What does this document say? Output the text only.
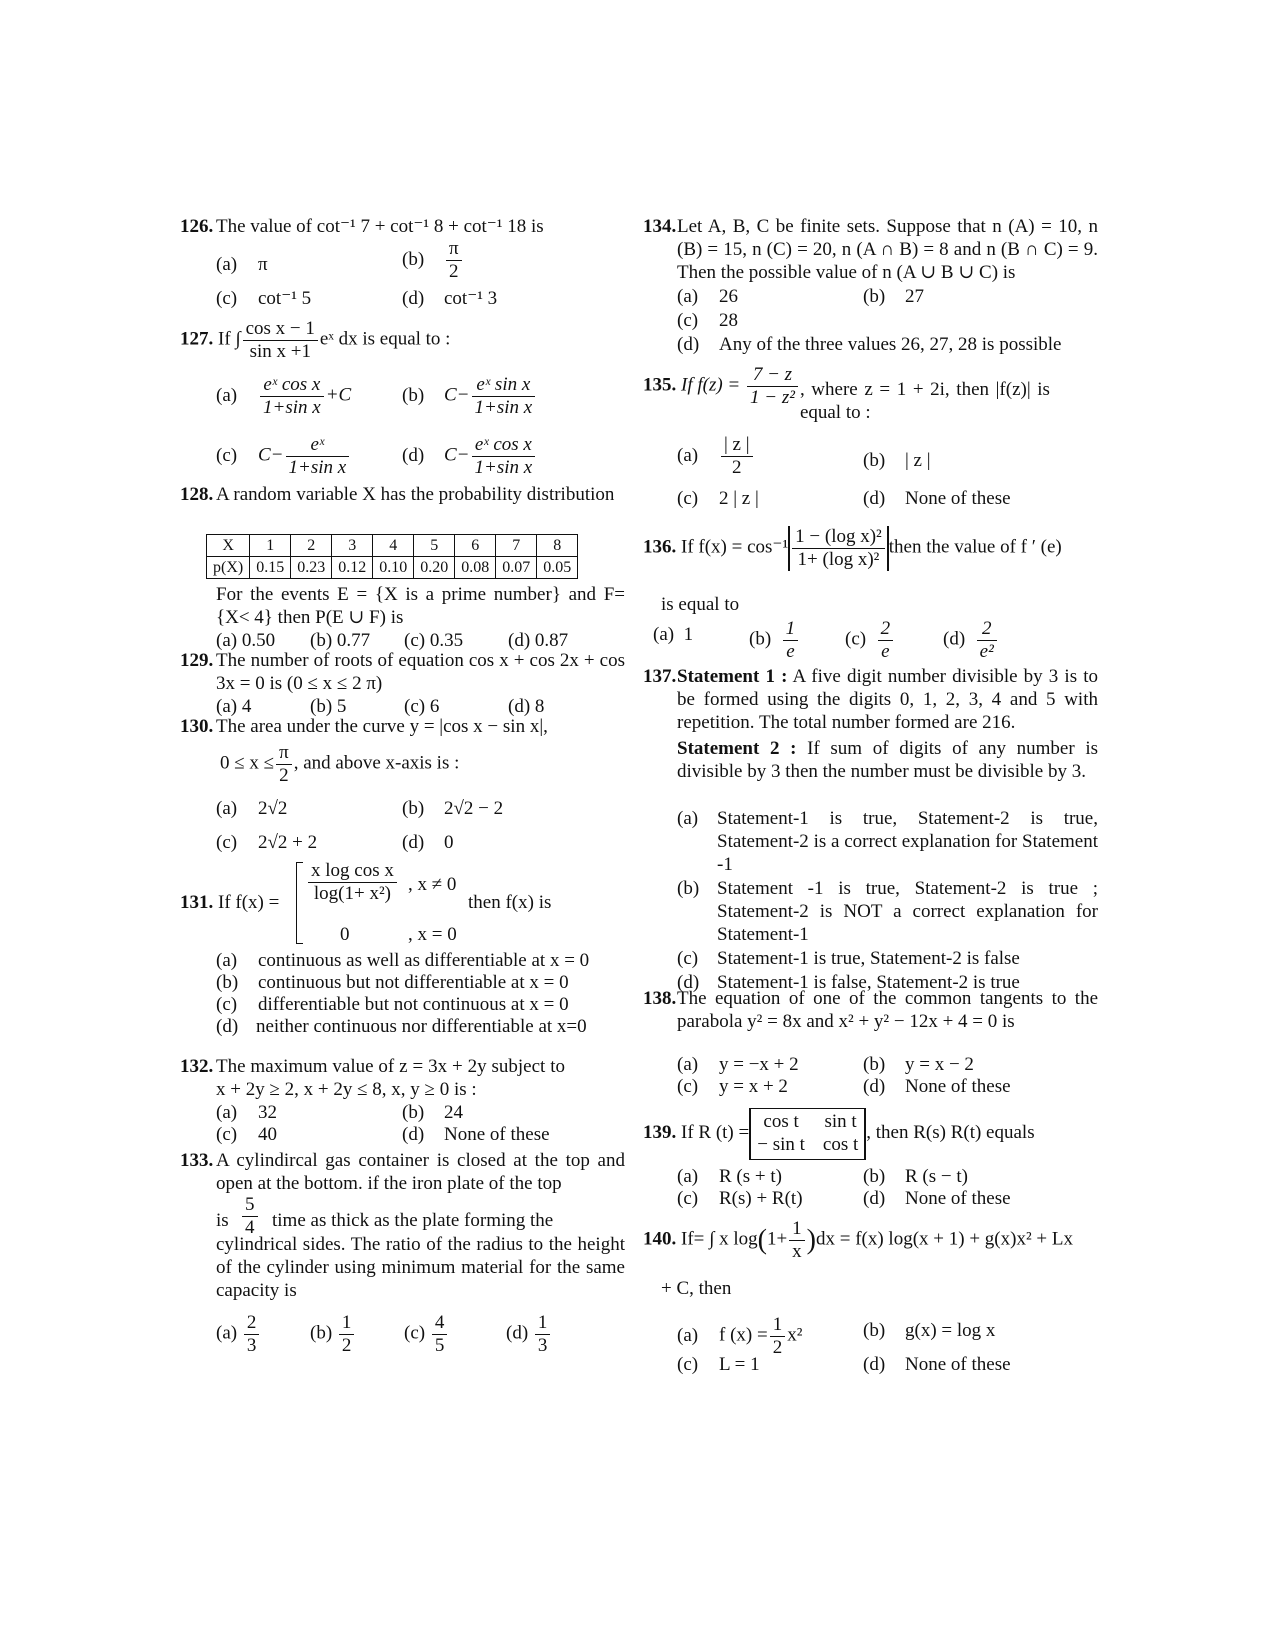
126. The value of cot⁻¹ 7 + cot⁻¹ 8 + cot⁻¹ 18 is
(a) π	$(b) \frac{\pi}{2}$
(c) cot⁻¹ 5	(d) cot⁻¹ 3
127. If ∫ $\frac{\text{cos x − 1}}{\text{sin x +1}}$ eˣ dx is equal to :
$(a) \frac{\text{eˣ cos x}}{\text{1+sin x}} +C$	(b) $C- \frac{\text{eˣ sin x}}{\text{1+sin x}}$
(c) $C- \frac{\text{eˣ}}{\text{1+sin x}}$	(d) $C- \frac{\text{eˣ cos x}}{\text{1+sin x}}$
128. A random variable X has the probability distribution
X	1	2	3	4	5	6	7	8
p(X)	0.15	0.23	0.12	0.10	0.20	0.08	0.07	0.05
For the events E = {X is a prime number} and F= {X< 4} then P(E ∪ F) is
(a) 0.50 (b) 0.77 (c) 0.35 (d) 0.87
129. The number of roots of equation cos x + cos 2x + cos 3x = 0 is (0 ≤ x ≤ 2 π)
(a) 4	(b) 5	(c) 6	(d) 8
130. The area under the curve y = |cos x − sin x|,
$0 \le x \le \frac{\pi}{2}$ , and above x-axis is :
(a) 2√2	(b) 2√2 − 2
(c) 2√2 + 2	(d) 0
131. If $f(x) = \frac{\text{x log cos x}}{\text{log(1+ x²)}}$ , x ≠ 0
0	, x = 0
then f(x) is
(a) continuous as well as differentiable at x = 0
(b) continuous but not differentiable at x = 0
(c) differentiable but not continuous at x = 0
(d) neither continuous nor differentiable at x=0
132. The maximum value of z = 3x + 2y subject to x + 2y ≥ 2, x + 2y ≤ 8, x, y ≥ 0 is :
(a) 32	(b) 24
(c) 40	(d) None of these
133. A cylindircal gas container is closed at the top and open at the bottom. if the iron plate of the top
is $\frac{5}{4}$ time as thick as the plate forming the
cylindrical sides. The ratio of the radius to the height of the cylinder using minimum material for the same capacity is
$(a) \frac{2}{3}$	$(b) \frac{1}{2}$	$(c) \frac{4}{5}$	$(d) \frac{1}{3}$
134. Let A, B, C be finite sets. Suppose that n (A) = 10, n (B) = 15, n (C) = 20, n (A ∩ B) = 8 and n (B ∩ C) = 9. Then the possible value of n (A ∪ B ∪ C) is
(a) 26	(b) 27
(c) 28
(d) Any of the three values 26, 27, 28 is possible
135. If $f(z) = \frac{7 - z}{\text{1 − z²}}$ , where z = 1 + 2i, then |f(z)| is equal to :
$(a) \frac{| z |}{2}$	(b) | z |
(c) 2 | z |	(d) None of these
136. If $f(x) = \cos^{-1} \frac{\text{1 − (log x)²}}{\text{1+ (log x)²}}$ then the value of f ′ (e)
is equal to
(a) 1	$(b) \frac{1}{e} (c) \frac{2}{e}$	$(d) \frac{2}{\text{e²}}$
137. Statement 1 : A five digit number divisible by 3 is to be formed using the digits 0, 1, 2, 3, 4 and 5 with repetition. The total number formed are 216.
Statement 2 : If sum of digits of any number is divisible by 3 then the number must be divisible by 3.
(a) Statement-1 is true, Statement-2 is true, Statement-2 is a correct explanation for Statement -1
(b) Statement -1 is true, Statement-2 is true ; Statement-2 is NOT a correct explanation for Statement-1
(c) Statement-1 is true, Statement-2 is false
(d) Statement-1 is false, Statement-2 is true
138. The equation of one of the common tangents to the parabola y² = 8x and x² + y² − 12x + 4 = 0 is
(a) y = −x + 2	(b) y = x − 2
(c) y = x + 2	(d) None of these
139. If R (t) =
cos t	sin t
− sin t cos t
, then R(s) R(t) equals
(a) R (s + t)	(b) R (s − t)
(c) R(s) + R(t)	(d) None of these
140. If= ∫ x $\log(1+ \frac{1}{x} )dx = f(x)$ log(x + 1) + g(x)x² + Lx
+ C, then
(a) f $(x) = \frac{1}{2} x^2$	(b) g(x) = log x
(c) L = 1	(d) None of these
